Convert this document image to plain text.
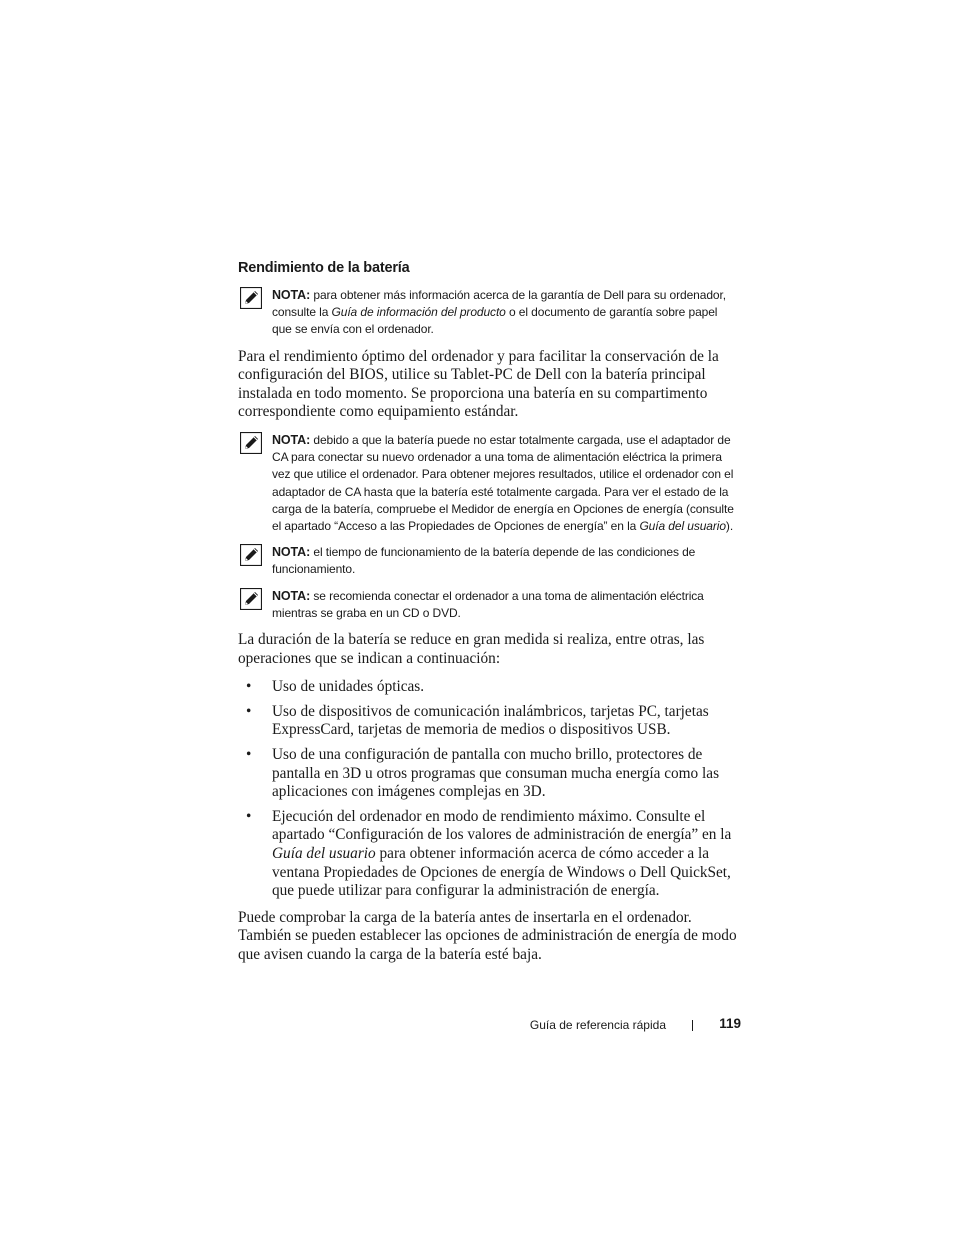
Rendimiento de la batería
NOTA: para obtener más información acerca de la garantía de Dell para su ordenador, consulte la Guía de información del producto o el documento de garantía sobre papel que se envía con el ordenador.

Para el rendimiento óptimo del ordenador y para facilitar la conservación de la configuración del BIOS, utilice su Tablet-PC de Dell con la batería principal instalada en todo momento. Se proporciona una batería en su compartimento correspondiente como equipamiento estándar.

NOTA: debido a que la batería puede no estar totalmente cargada, use el adaptador de CA para conectar su nuevo ordenador a una toma de alimentación eléctrica la primera vez que utilice el ordenador. Para obtener mejores resultados, utilice el ordenador con el adaptador de CA hasta que la batería esté totalmente cargada. Para ver el estado de la carga de la batería, compruebe el Medidor de energía en Opciones de energía (consulte el apartado “Acceso a las Propiedades de Opciones de energía” en la Guía del usuario).
NOTA: el tiempo de funcionamiento de la batería depende de las condiciones de funcionamiento.
NOTA: se recomienda conectar el ordenador a una toma de alimentación eléctrica mientras se graba en un CD o DVD.

La duración de la batería se reduce en gran medida si realiza, entre otras, las operaciones que se indican a continuación:

• Uso de unidades ópticas.
• Uso de dispositivos de comunicación inalámbricos, tarjetas PC, tarjetas ExpressCard, tarjetas de memoria de medios o dispositivos USB.
• Uso de una configuración de pantalla con mucho brillo, protectores de pantalla en 3D u otros programas que consuman mucha energía como las aplicaciones con imágenes complejas en 3D.
• Ejecución del ordenador en modo de rendimiento máximo. Consulte el apartado “Configuración de los valores de administración de energía” en la Guía del usuario para obtener información acerca de cómo acceder a la ventana Propiedades de Opciones de energía de Windows o Dell QuickSet, que puede utilizar para configurar la administración de energía.

Puede comprobar la carga de la batería antes de insertarla en el ordenador. También se pueden establecer las opciones de administración de energía de modo que avisen cuando la carga de la batería esté baja.

Guía de referencia rápida	119
